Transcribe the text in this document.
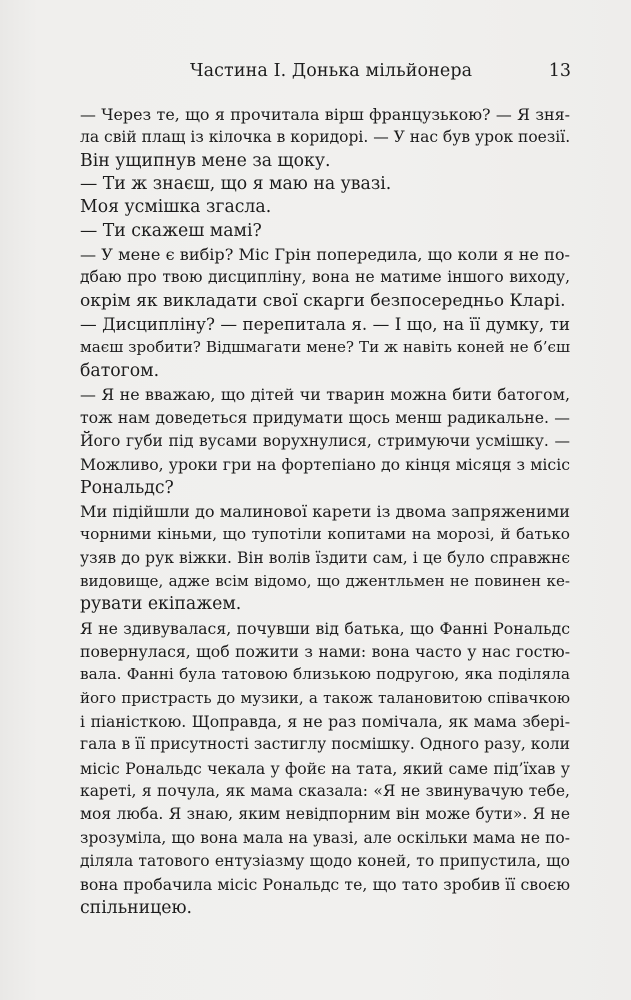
Частина I. Донька мільйонера	13
— Через те, що я прочитала вірш французькою? — Я зня-
ла свій плащ із кілочка в коридорі. — У нас був урок поезії.
Він ущипнув мене за щоку.
— Ти ж знаєш, що я маю на увазі.
Моя усмішка згасла.
— Ти скажеш мамі?
— У мене є вибір? Міс Грін попередила, що коли я не по-
дбаю про твою дисципліну, вона не матиме іншого виходу,
окрім як викладати свої скарги безпосередньо Кларі.
— Дисципліну? — перепитала я. — І що, на її думку, ти
маєш зробити? Відшмагати мене? Ти ж навіть коней не б’єш
батогом.
— Я не вважаю, що дітей чи тварин можна бити батогом,
тож нам доведеться придумати щось менш радикальне. —
Його губи під вусами ворухнулися, стримуючи усмішку. —
Можливо, уроки гри на фортепіано до кінця місяця з місіс
Рональдс?
Ми підійшли до малинової карети із двома запряженими
чорними кіньми, що тупотіли копитами на морозі, й батько
узяв до рук віжки. Він волів їздити сам, і це було справжнє
видовище, адже всім відомо, що джентльмен не повинен ке-
рувати екіпажем.
Я не здивувалася, почувши від батька, що Фанні Рональдс
повернулася, щоб пожити з нами: вона часто у нас гостю-
вала. Фанні була татовою близькою подругою, яка поділяла
його пристрасть до музики, а також талановитою співачкою
і піаністкою. Щоправда, я не раз помічала, як мама збері-
гала в її присутності застиглу посмішку. Одного разу, коли
місіс Рональдс чекала у фойє на тата, який саме під’їхав у
кареті, я почула, як мама сказала: «Я не звинувачую тебе,
моя люба. Я знаю, яким невідпорним він може бути». Я не
зрозуміла, що вона мала на увазі, але оскільки мама не по-
діляла татового ентузіазму щодо коней, то припустила, що
вона пробачила місіс Рональдс те, що тато зробив її своєю
спільницею.
